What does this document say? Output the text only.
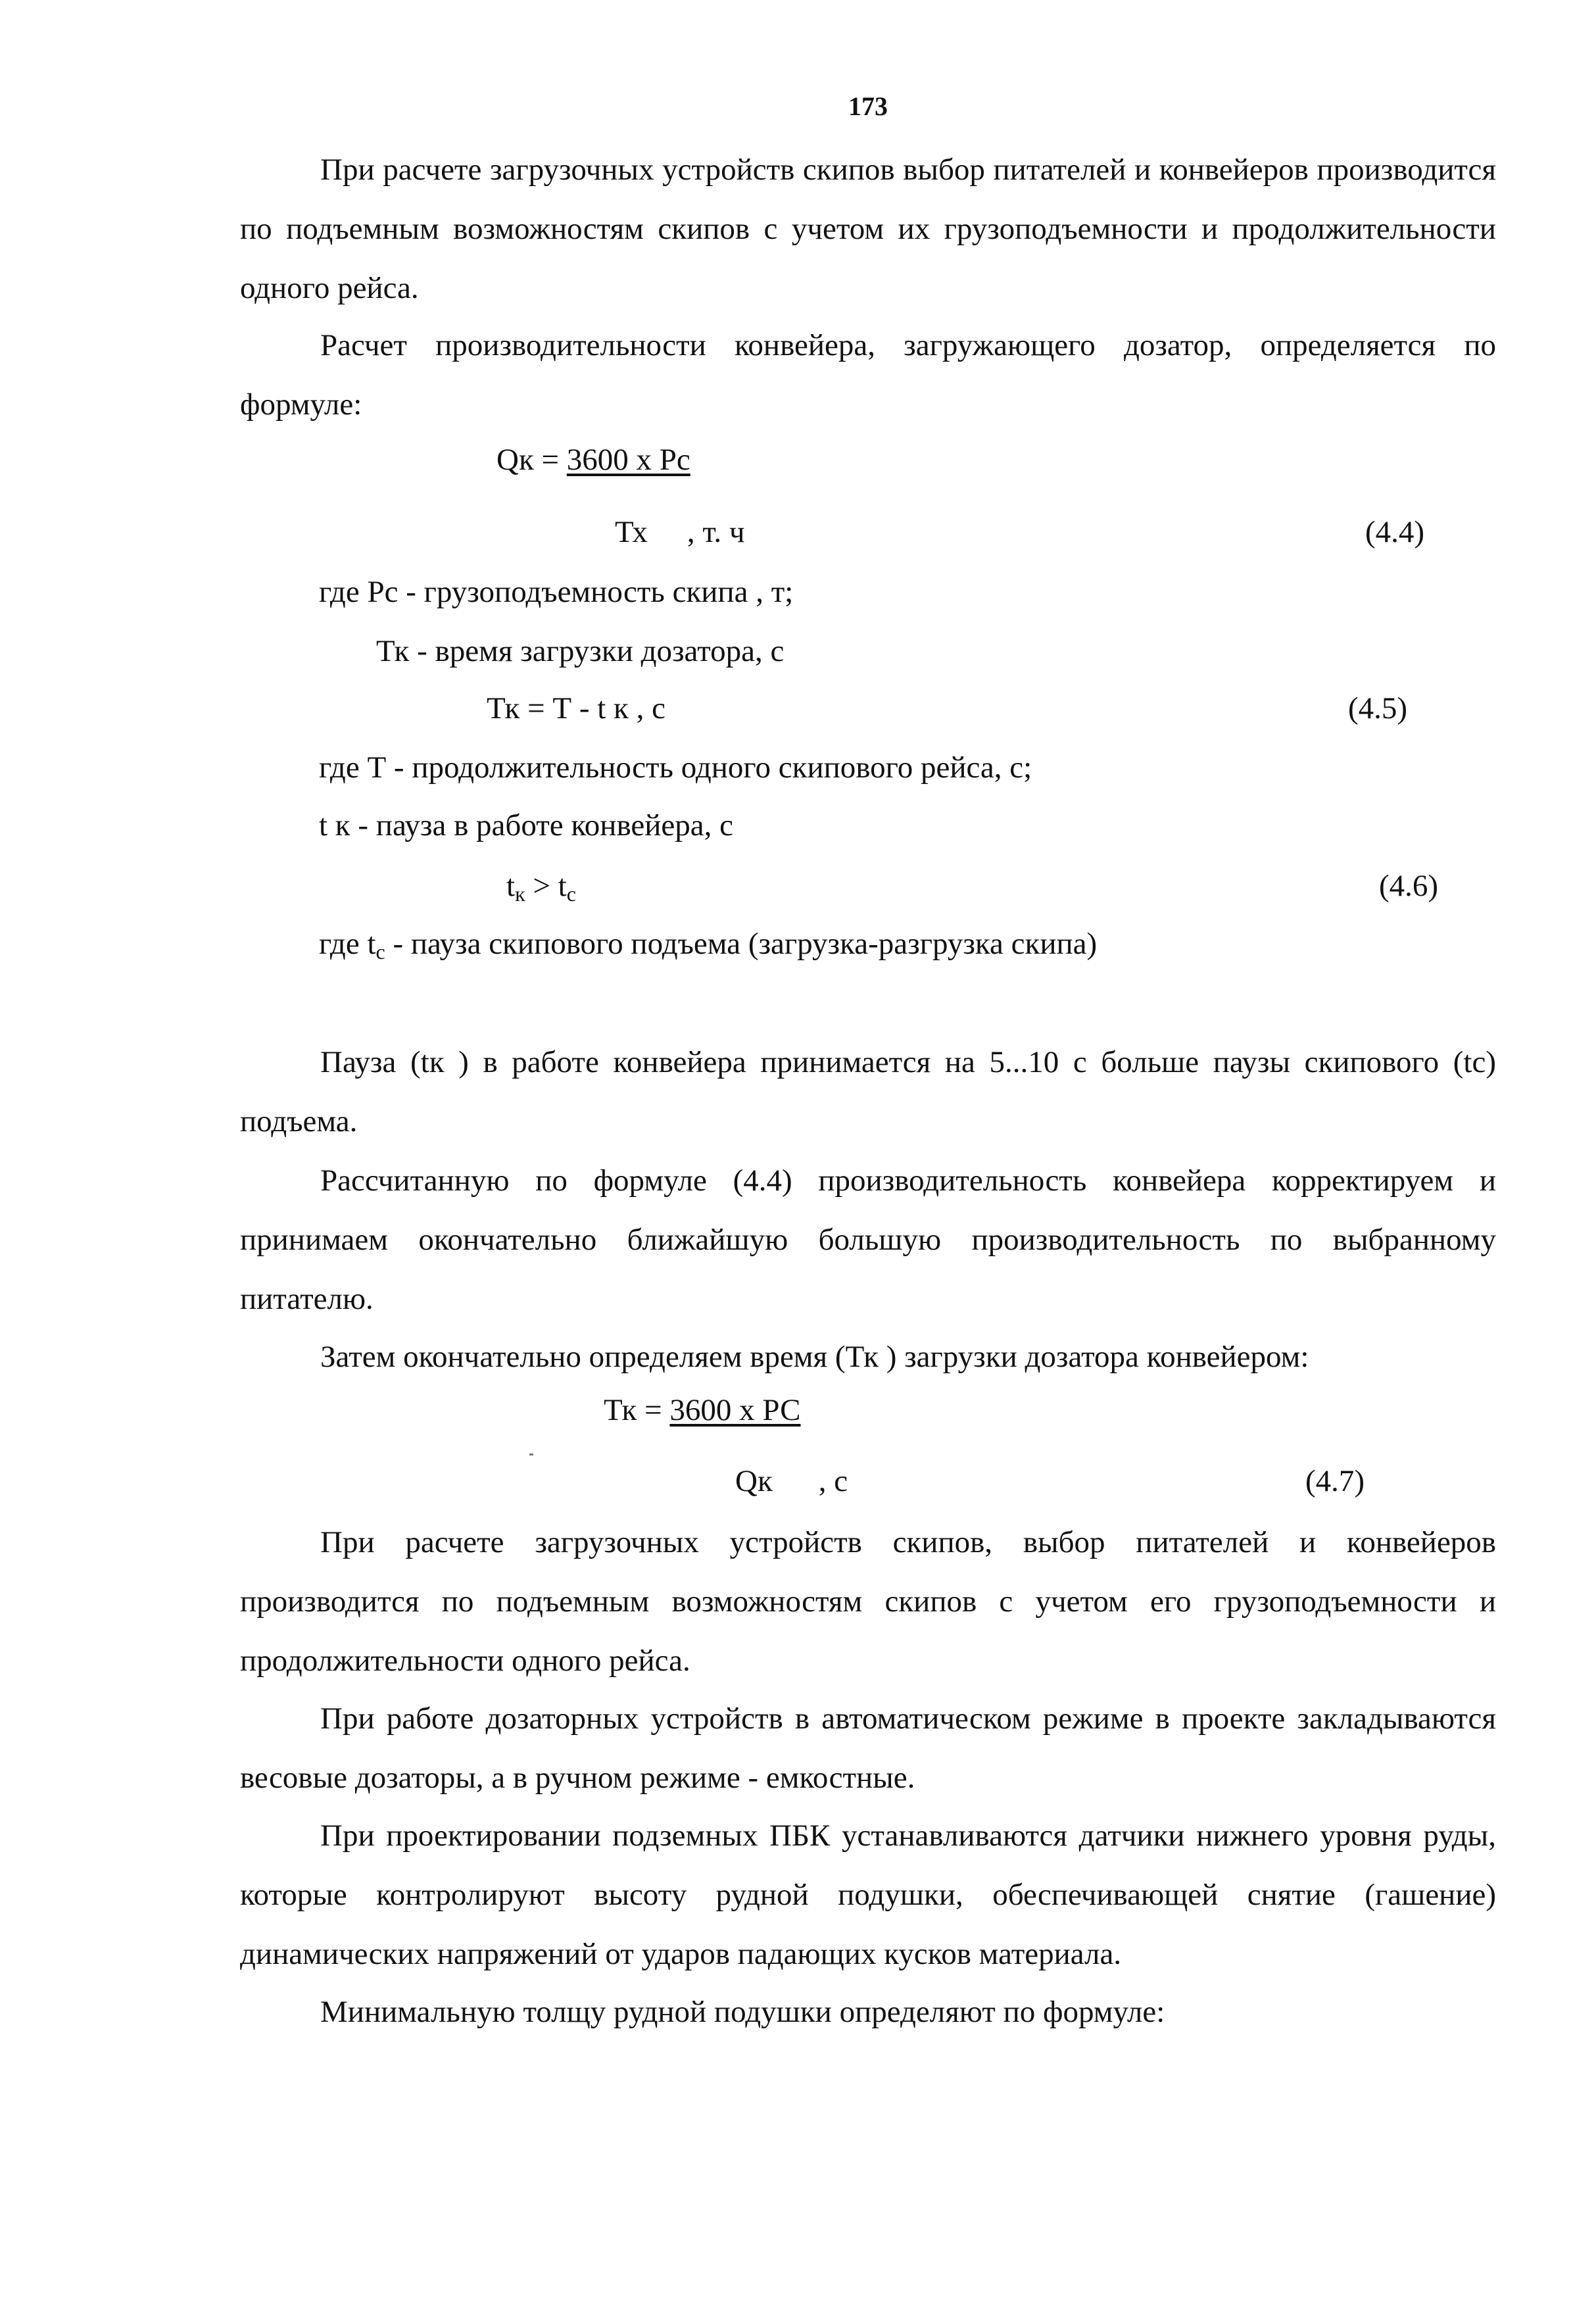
173
При расчете загрузочных устройств скипов выбор питателей и конвейеров производится по подъемным возможностям скипов с учетом их грузоподъемности и продолжительности одного рейса.
Расчет производительности конвейера, загружающего дозатор, определяется по формуле:
Qк = 3600 х Рс
Тх , т. ч	(4.4)
где Рс - грузоподъемность скипа , т;
Тк - время загрузки дозатора, с
Тк = Т - t к , с	(4.5)
где Т - продолжительность одного скипового рейса, с;
t к - пауза в работе конвейера, с
$t_к > t_c$	(4.6)
где $t_c$ - пауза скипового подъема (загрузка-разгрузка скипа)
Пауза (tк ) в работе конвейера принимается на 5...10 с больше паузы скипового (tc) подъема.
Рассчитанную по формуле (4.4) производительность конвейера корректируем и принимаем окончательно ближайшую большую производительность по выбранному питателю.
Затем окончательно определяем время (Тк ) загрузки дозатора конвейером:
Тк = 3600 х РС
Qк , с	(4.7)
При расчете загрузочных устройств скипов, выбор питателей и конвейеров производится по подъемным возможностям скипов с учетом его грузоподъемности и продолжительности одного рейса.
При работе дозаторных устройств в автоматическом режиме в проекте закладываются весовые дозаторы, а в ручном режиме - емкостные.
При проектировании подземных ПБК устанавливаются датчики нижнего уровня руды, которые контролируют высоту рудной подушки, обеспечивающей снятие (гашение) динамических напряжений от ударов падающих кусков материала.
Минимальную толщу рудной подушки определяют по формуле:
